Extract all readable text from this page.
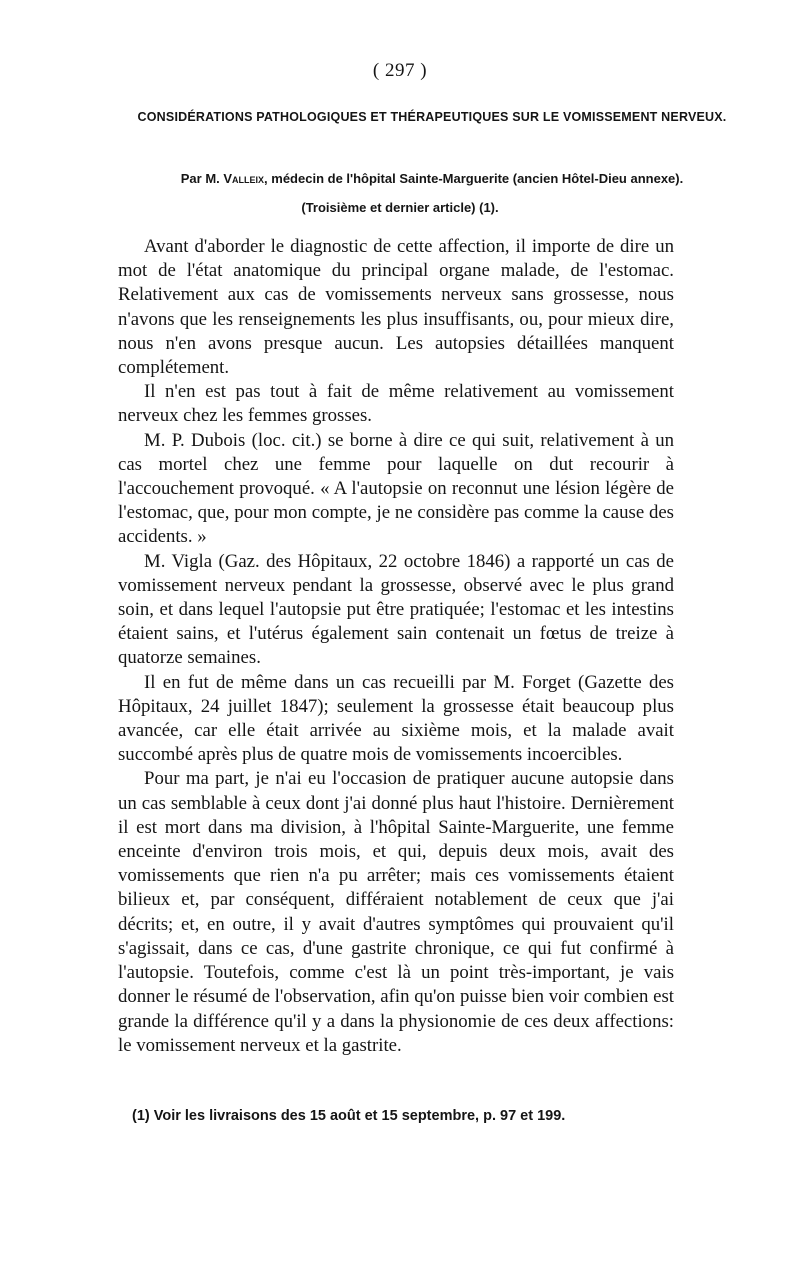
( 297 )
CONSIDÉRATIONS PATHOLOGIQUES ET THÉRAPEUTIQUES SUR LE VOMISSEMENT NERVEUX.
Par M. Valleix, médecin de l'hôpital Sainte-Marguerite (ancien Hôtel-Dieu annexe).
(Troisième et dernier article) (1).

Avant d'aborder le diagnostic de cette affection, il importe de dire un mot de l'état anatomique du principal organe malade, de l'estomac. Relativement aux cas de vomissements nerveux sans grossesse, nous n'avons que les renseignements les plus insuffisants, ou, pour mieux dire, nous n'en avons presque aucun. Les autopsies détaillées manquent complétement.

Il n'en est pas tout à fait de même relativement au vomissement nerveux chez les femmes grosses.

M. P. Dubois (loc. cit.) se borne à dire ce qui suit, relativement à un cas mortel chez une femme pour laquelle on dut recourir à l'accouchement provoqué. « A l'autopsie on reconnut une lésion légère de l'estomac, que, pour mon compte, je ne considère pas comme la cause des accidents. »

M. Vigla (Gaz. des Hôpitaux, 22 octobre 1846) a rapporté un cas de vomissement nerveux pendant la grossesse, observé avec le plus grand soin, et dans lequel l'autopsie put être pratiquée; l'estomac et les intestins étaient sains, et l'utérus également sain contenait un fœtus de treize à quatorze semaines.

Il en fut de même dans un cas recueilli par M. Forget (Gazette des Hôpitaux, 24 juillet 1847); seulement la grossesse était beaucoup plus avancée, car elle était arrivée au sixième mois, et la malade avait succombé après plus de quatre mois de vomissements incoercibles.

Pour ma part, je n'ai eu l'occasion de pratiquer aucune autopsie dans un cas semblable à ceux dont j'ai donné plus haut l'histoire. Dernièrement il est mort dans ma division, à l'hôpital Sainte-Marguerite, une femme enceinte d'environ trois mois, et qui, depuis deux mois, avait des vomissements que rien n'a pu arrêter; mais ces vomissements étaient bilieux et, par conséquent, différaient notablement de ceux que j'ai décrits; et, en outre, il y avait d'autres symptômes qui prouvaient qu'il s'agissait, dans ce cas, d'une gastrite chronique, ce qui fut confirmé à l'autopsie. Toutefois, comme c'est là un point très-important, je vais donner le résumé de l'observation, afin qu'on puisse bien voir combien est grande la différence qu'il y a dans la physionomie de ces deux affections: le vomissement nerveux et la gastrite.

(1) Voir les livraisons des 15 août et 15 septembre, p. 97 et 199.
